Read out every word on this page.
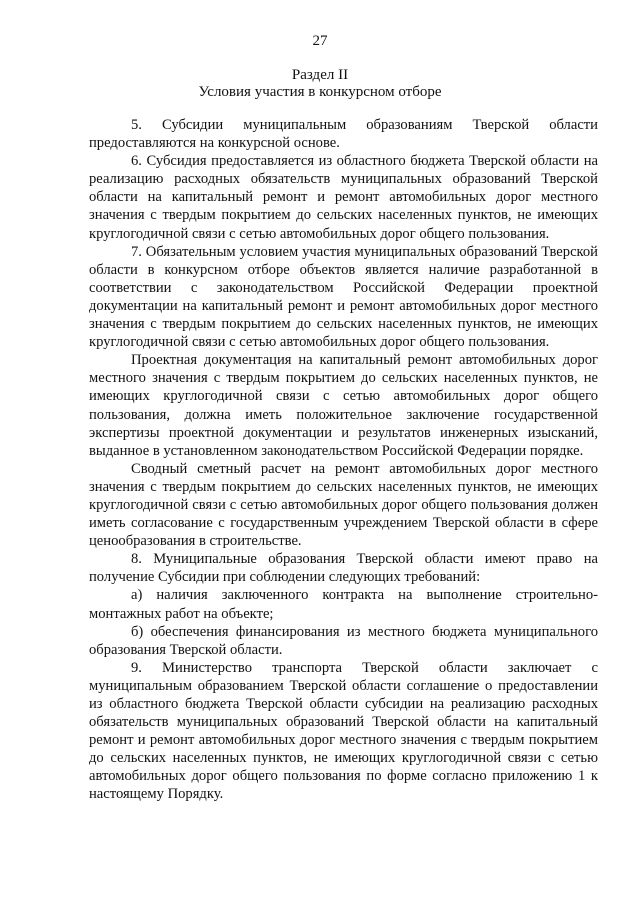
27
Раздел II
Условия участия в конкурсном отборе

5. Субсидии муниципальным образованиям Тверской области предоставляются на конкурсной основе.

6. Субсидия предоставляется из областного бюджета Тверской области на реализацию расходных обязательств муниципальных образований Тверской области на капитальный ремонт и ремонт автомобильных дорог местного значения с твердым покрытием до сельских населенных пунктов, не имеющих круглогодичной связи с сетью автомобильных дорог общего пользования.

7. Обязательным условием участия муниципальных образований Тверской области в конкурсном отборе объектов является наличие разработанной в соответствии с законодательством Российской Федерации проектной документации на капитальный ремонт и ремонт автомобильных дорог местного значения с твердым покрытием до сельских населенных пунктов, не имеющих круглогодичной связи с сетью автомобильных дорог общего пользования.

Проектная документация на капитальный ремонт автомобильных дорог местного значения с твердым покрытием до сельских населенных пунктов, не имеющих круглогодичной связи с сетью автомобильных дорог общего пользования, должна иметь положительное заключение государственной экспертизы проектной документации и результатов инженерных изысканий, выданное в установленном законодательством Российской Федерации порядке.

Сводный сметный расчет на ремонт автомобильных дорог местного значения с твердым покрытием до сельских населенных пунктов, не имеющих круглогодичной связи с сетью автомобильных дорог общего пользования должен иметь согласование с государственным учреждением Тверской области в сфере ценообразования в строительстве.

8. Муниципальные образования Тверской области имеют право на получение Субсидии при соблюдении следующих требований:

а) наличия заключенного контракта на выполнение строительно-монтажных работ на объекте;

б) обеспечения финансирования из местного бюджета муниципального образования Тверской области.

9. Министерство транспорта Тверской области заключает с муниципальным образованием Тверской области соглашение о предоставлении из областного бюджета Тверской области субсидии на реализацию расходных обязательств муниципальных образований Тверской области на капитальный ремонт и ремонт автомобильных дорог местного значения с твердым покрытием до сельских населенных пунктов, не имеющих круглогодичной связи с сетью автомобильных дорог общего пользования по форме согласно приложению 1 к настоящему Порядку.
